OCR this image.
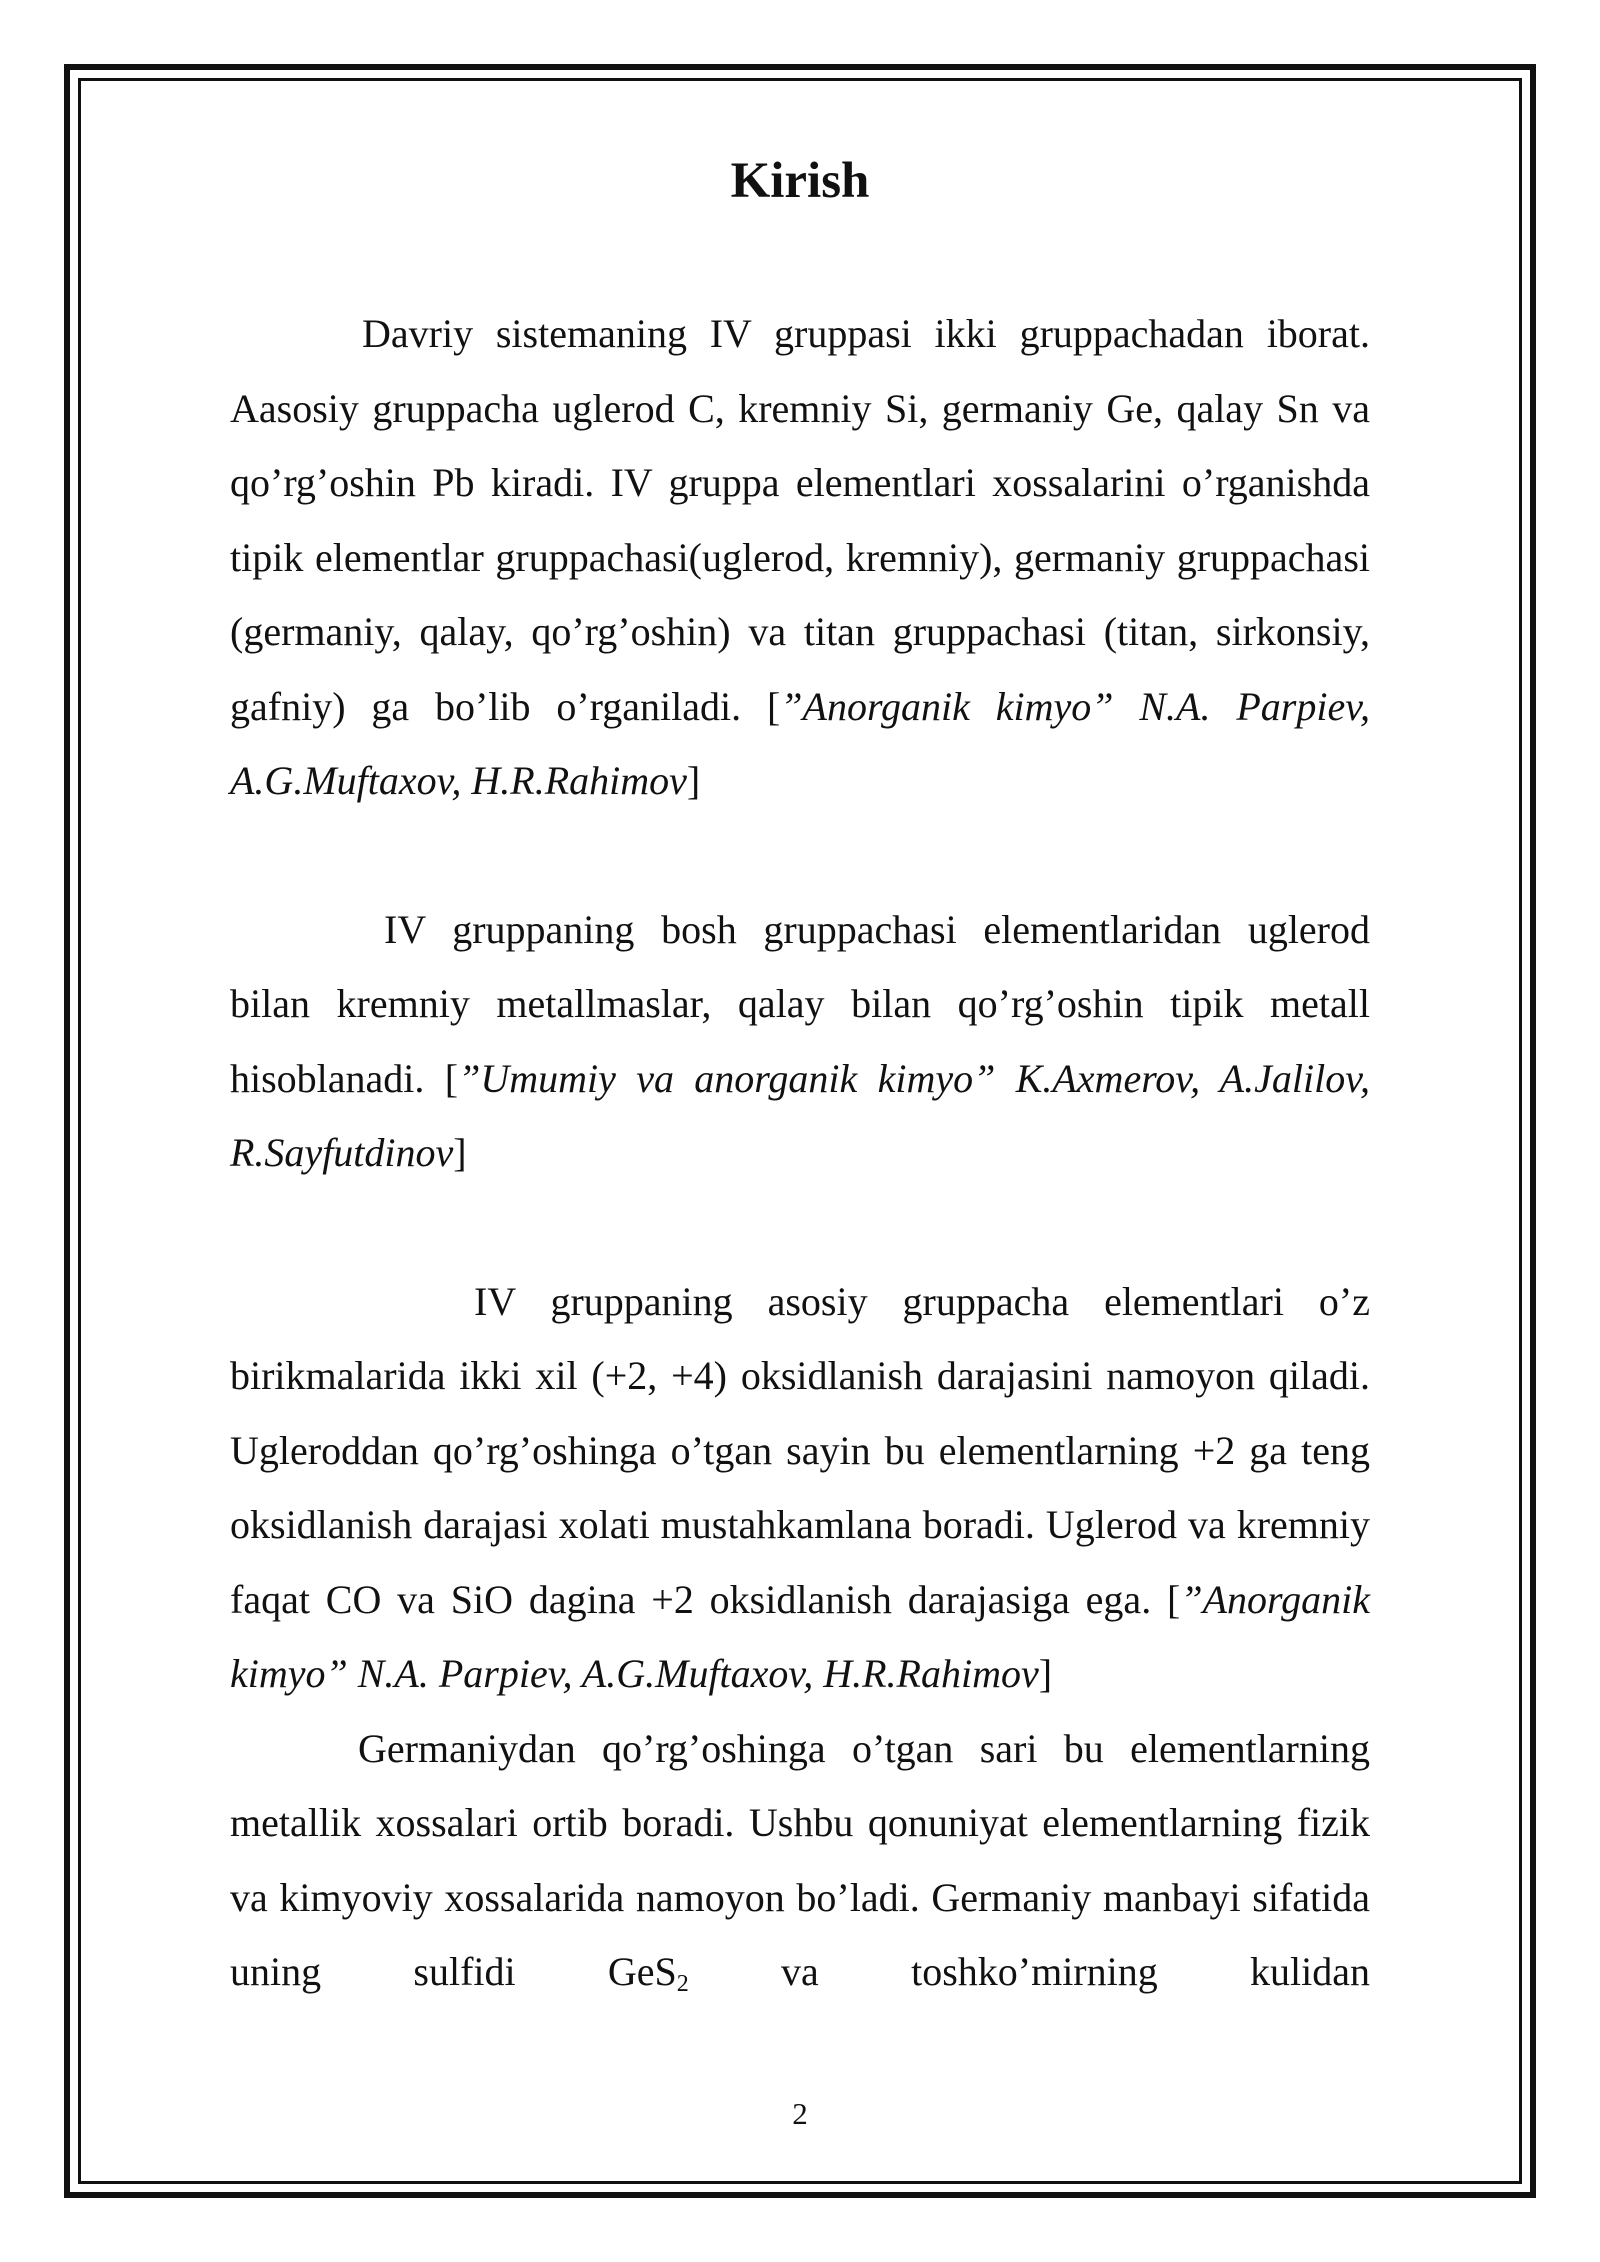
Kirish

Davriy sistemaning IV gruppasi ikki gruppachadan iborat. Aasosiy gruppacha uglerod C, kremniy Si, germaniy Ge, qalay Sn va qo’rg’oshin Pb kiradi. IV gruppa elementlari xossalarini o’rganishda tipik elementlar gruppachasi(uglerod, kremniy), germaniy gruppachasi (germaniy, qalay, qo’rg’oshin) va titan gruppachasi (titan, sirkonsiy, gafniy) ga bo’lib o’rganiladi. [”Anorganik kimyo” N.A. Parpiev, A.G.Muftaxov, H.R.Rahimov]

IV gruppaning bosh gruppachasi elementlaridan uglerod bilan kremniy metallmaslar, qalay bilan qo’rg’oshin tipik metall hisoblanadi. [”Umumiy va anorganik kimyo” K.Axmerov, A.Jalilov, R.Sayfutdinov]

IV gruppaning asosiy gruppacha elementlari o’z birikmalarida ikki xil (+2, +4) oksidlanish darajasini namoyon qiladi. Ugleroddan qo’rg’oshinga o’tgan sayin bu elementlarning +2 ga teng oksidlanish darajasi xolati mustahkamlana boradi. Uglerod va kremniy faqat CO va SiO dagina +2 oksidlanish darajasiga ega. [”Anorganik kimyo” N.A. Parpiev, A.G.Muftaxov, H.R.Rahimov]

Germaniydan qo’rg’oshinga o’tgan sari bu elementlarning metallik xossalari ortib boradi. Ushbu qonuniyat elementlarning fizik va kimyoviy xossalarida namoyon bo’ladi. Germaniy manbayi sifatida uning sulfidi GeS$_2$ va toshko’mirning kulidan

2
